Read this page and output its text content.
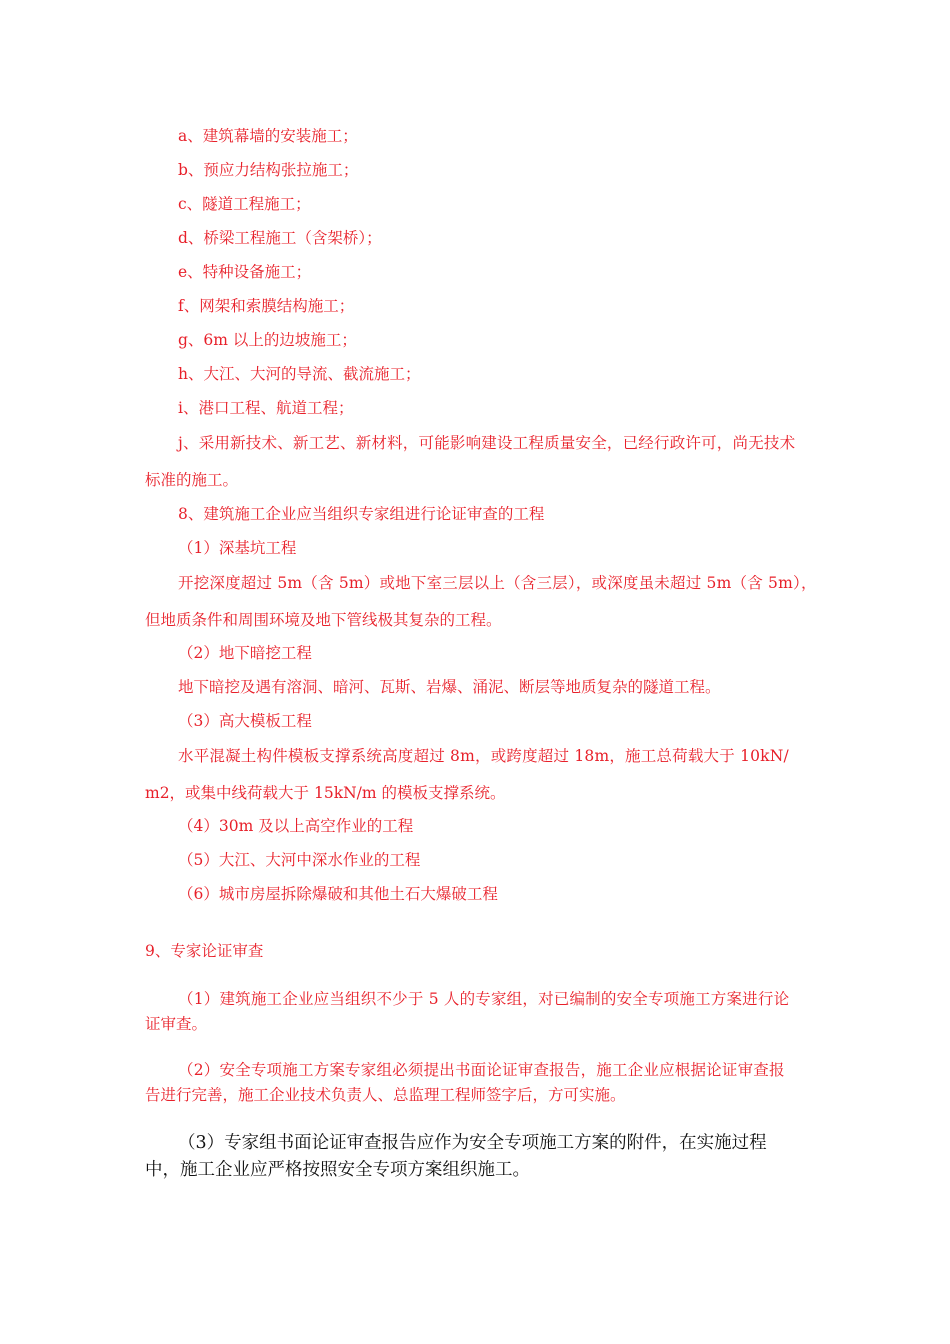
a、建筑幕墙的安装施工；
b、预应力结构张拉施工；
c、隧道工程施工；
d、桥梁工程施工（含架桥）；
e、特种设备施工；
f、网架和索膜结构施工；
g、6m 以上的边坡施工；
h、大江、大河的导流、截流施工；
i、港口工程、航道工程；
j、采用新技术、新工艺、新材料，可能影响建设工程质量安全，已经行政许可，尚无技术
标准的施工。
8、建筑施工企业应当组织专家组进行论证审查的工程
（1）深基坑工程
开挖深度超过 5m（含 5m）或地下室三层以上（含三层），或深度虽未超过 5m（含 5m），
但地质条件和周围环境及地下管线极其复杂的工程。
（2）地下暗挖工程
地下暗挖及遇有溶洞、暗河、瓦斯、岩爆、涌泥、断层等地质复杂的隧道工程。
（3）高大模板工程
水平混凝土构件模板支撑系统高度超过 8m，或跨度超过 18m，施工总荷载大于 10kN/
m2，或集中线荷载大于 15kN/m 的模板支撑系统。
（4）30m 及以上高空作业的工程
（5）大江、大河中深水作业的工程
（6）城市房屋拆除爆破和其他土石大爆破工程
9、专家论证审查
（1）建筑施工企业应当组织不少于 5 人的专家组，对已编制的安全专项施工方案进行论
证审查。
（2）安全专项施工方案专家组必须提出书面论证审查报告，施工企业应根据论证审查报
告进行完善，施工企业技术负责人、总监理工程师签字后，方可实施。
（3）专家组书面论证审查报告应作为安全专项施工方案的附件，在实施过程
中，施工企业应严格按照安全专项方案组织施工。
